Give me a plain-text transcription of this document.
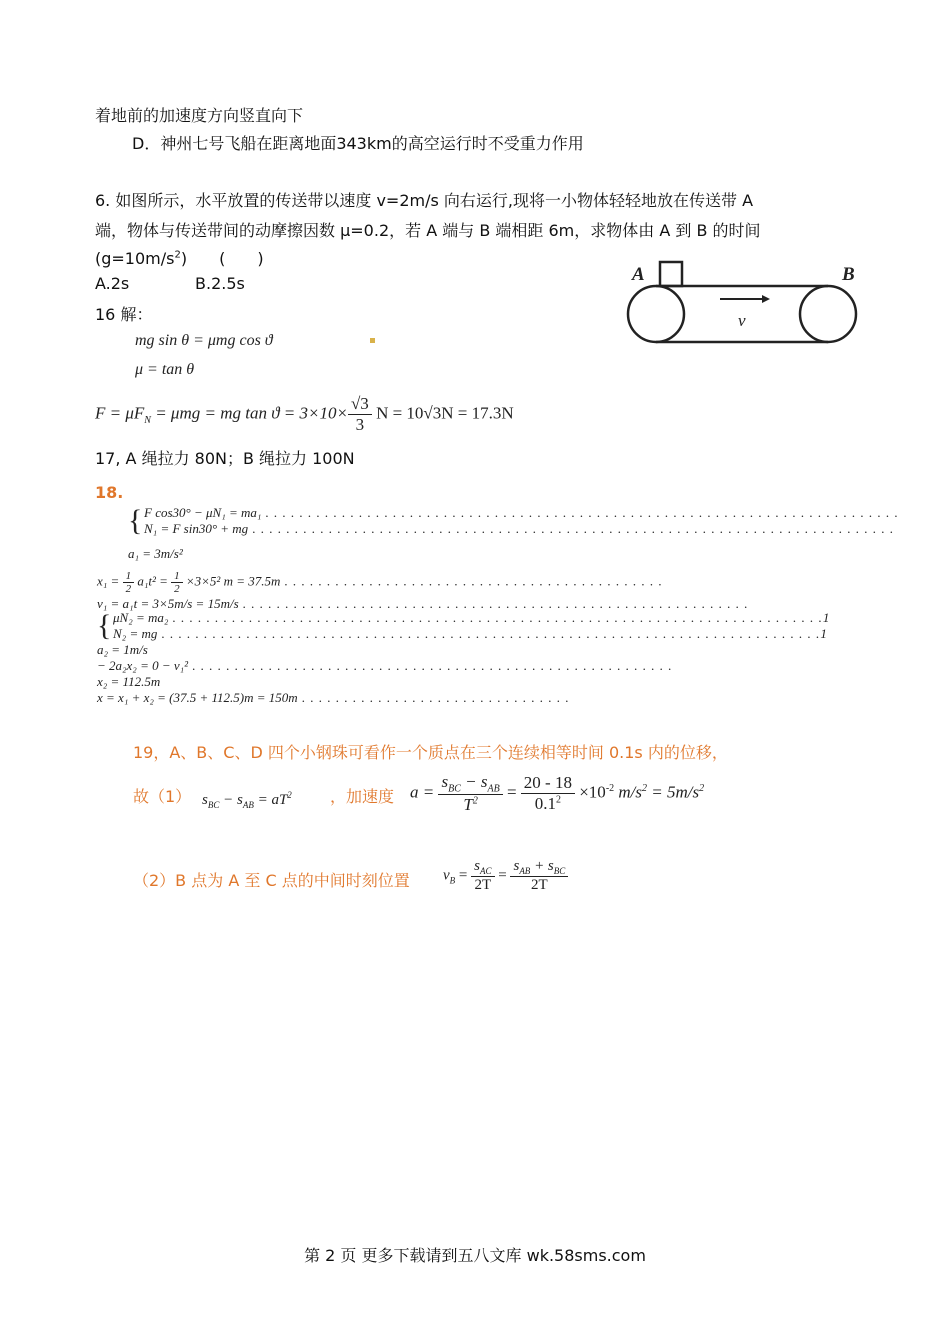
着地前的加速度方向竖直向下
D．神州七号飞船在距离地面343km的高空运行时不受重力作用
6. 如图所示，水平放置的传送带以速度 v=2m/s 向右运行,现将一小物体轻轻地放在传送带 A
端，物体与传送带间的动摩擦因数 μ=0.2，若 A 端与 B 端相距 6m，求物体由 A 到 B 的时间
$(g=10m/s^2)$　　(　　)
A.2s	B.2.5s	A	B
v
16 解：
mg sin θ = μmg cos ϑ
μ = tan θ
$F = \mu F_N = \mu mg$ = mg $\tan ϑ = 3\times 10\times \frac{√3}{3}$ N = 10√3N = 17.3N
17, A 绳拉力 80N；B 绳拉力 100N
18.
{ F cos30° − μN₁ = ma₁ . . . . . . . . . . . . . . . . . . . . . . . . . . . . . . . . . . . . . . . . . . . . . . . . . . . . . . . . . . . . . . . . . . . . . . . . . . .
N₁ = F sin30° + mg . . . . . . . . . . . . . . . . . . . . . . . . . . . . . . . . . . . . . . . . . . . . . . . . . . . . . . . . . . . . . . . . . . . . . . . . . . . .
a₁ = 3m/s²
$x_1 = \frac{1}{2} a_1t^2 = \frac{1}{2} \times 3\times 5^2$ m = 37.5m . . . . . . . . . . . . . . . . . . . . . . . . . . . . . . . . . . . . . . . . . . . . .
v₁ = a₁t = 3×5m/s = 15m/s . . . . . . . . . . . . . . . . . . . . . . . . . . . . . . . . . . . . . . . . . . . . . . . . . . . . . . . . . . . .
{ μN₂ = ma₂ . . . . . . . . . . . . . . . . . . . . . . . . . . . . . . . . . . . . . . . . . . . . . . . . . . . . . . . . . . . . . . . . . . . . . . . . . . . . .1
N₂ = mg . . . . . . . . . . . . . . . . . . . . . . . . . . . . . . . . . . . . . . . . . . . . . . . . . . . . . . . . . . . . . . . . . . . . . . . . . . . . . .1
a₂ = 1m/s
− 2a₂x₂ = 0 − v₁² . . . . . . . . . . . . . . . . . . . . . . . . . . . . . . . . . . . . . . . . . . . . . . . . . . . . . . . . .
x₂ = 112.5m
x = x₁ + x₂ = (37.5 + 112.5)m = 150m . . . . . . . . . . . . . . . . . . . . . . . . . . . . . . . .
19，A、B、C、D 四个小钢珠可看作一个质点在三个连续相等时间 0.1s 内的位移，
故（1） $s_{BC} - s_{AB} = aT^2$ ，加速度 $a = \frac{s_{BC} - s_{AB}}{T^2} = \frac{20 - 18}{0.1^2} \times 10^{-2}$ $m/s^2 = 5m/s^2$
（2）B 点为 A 至 C 点的中间时刻位置 $v_B = \frac{s_{AC}}{2T} = \frac{s_{AB} + s_{BC}}{2T}$
第 2 页 更多下载请到五八文库 wk.58sms.com
